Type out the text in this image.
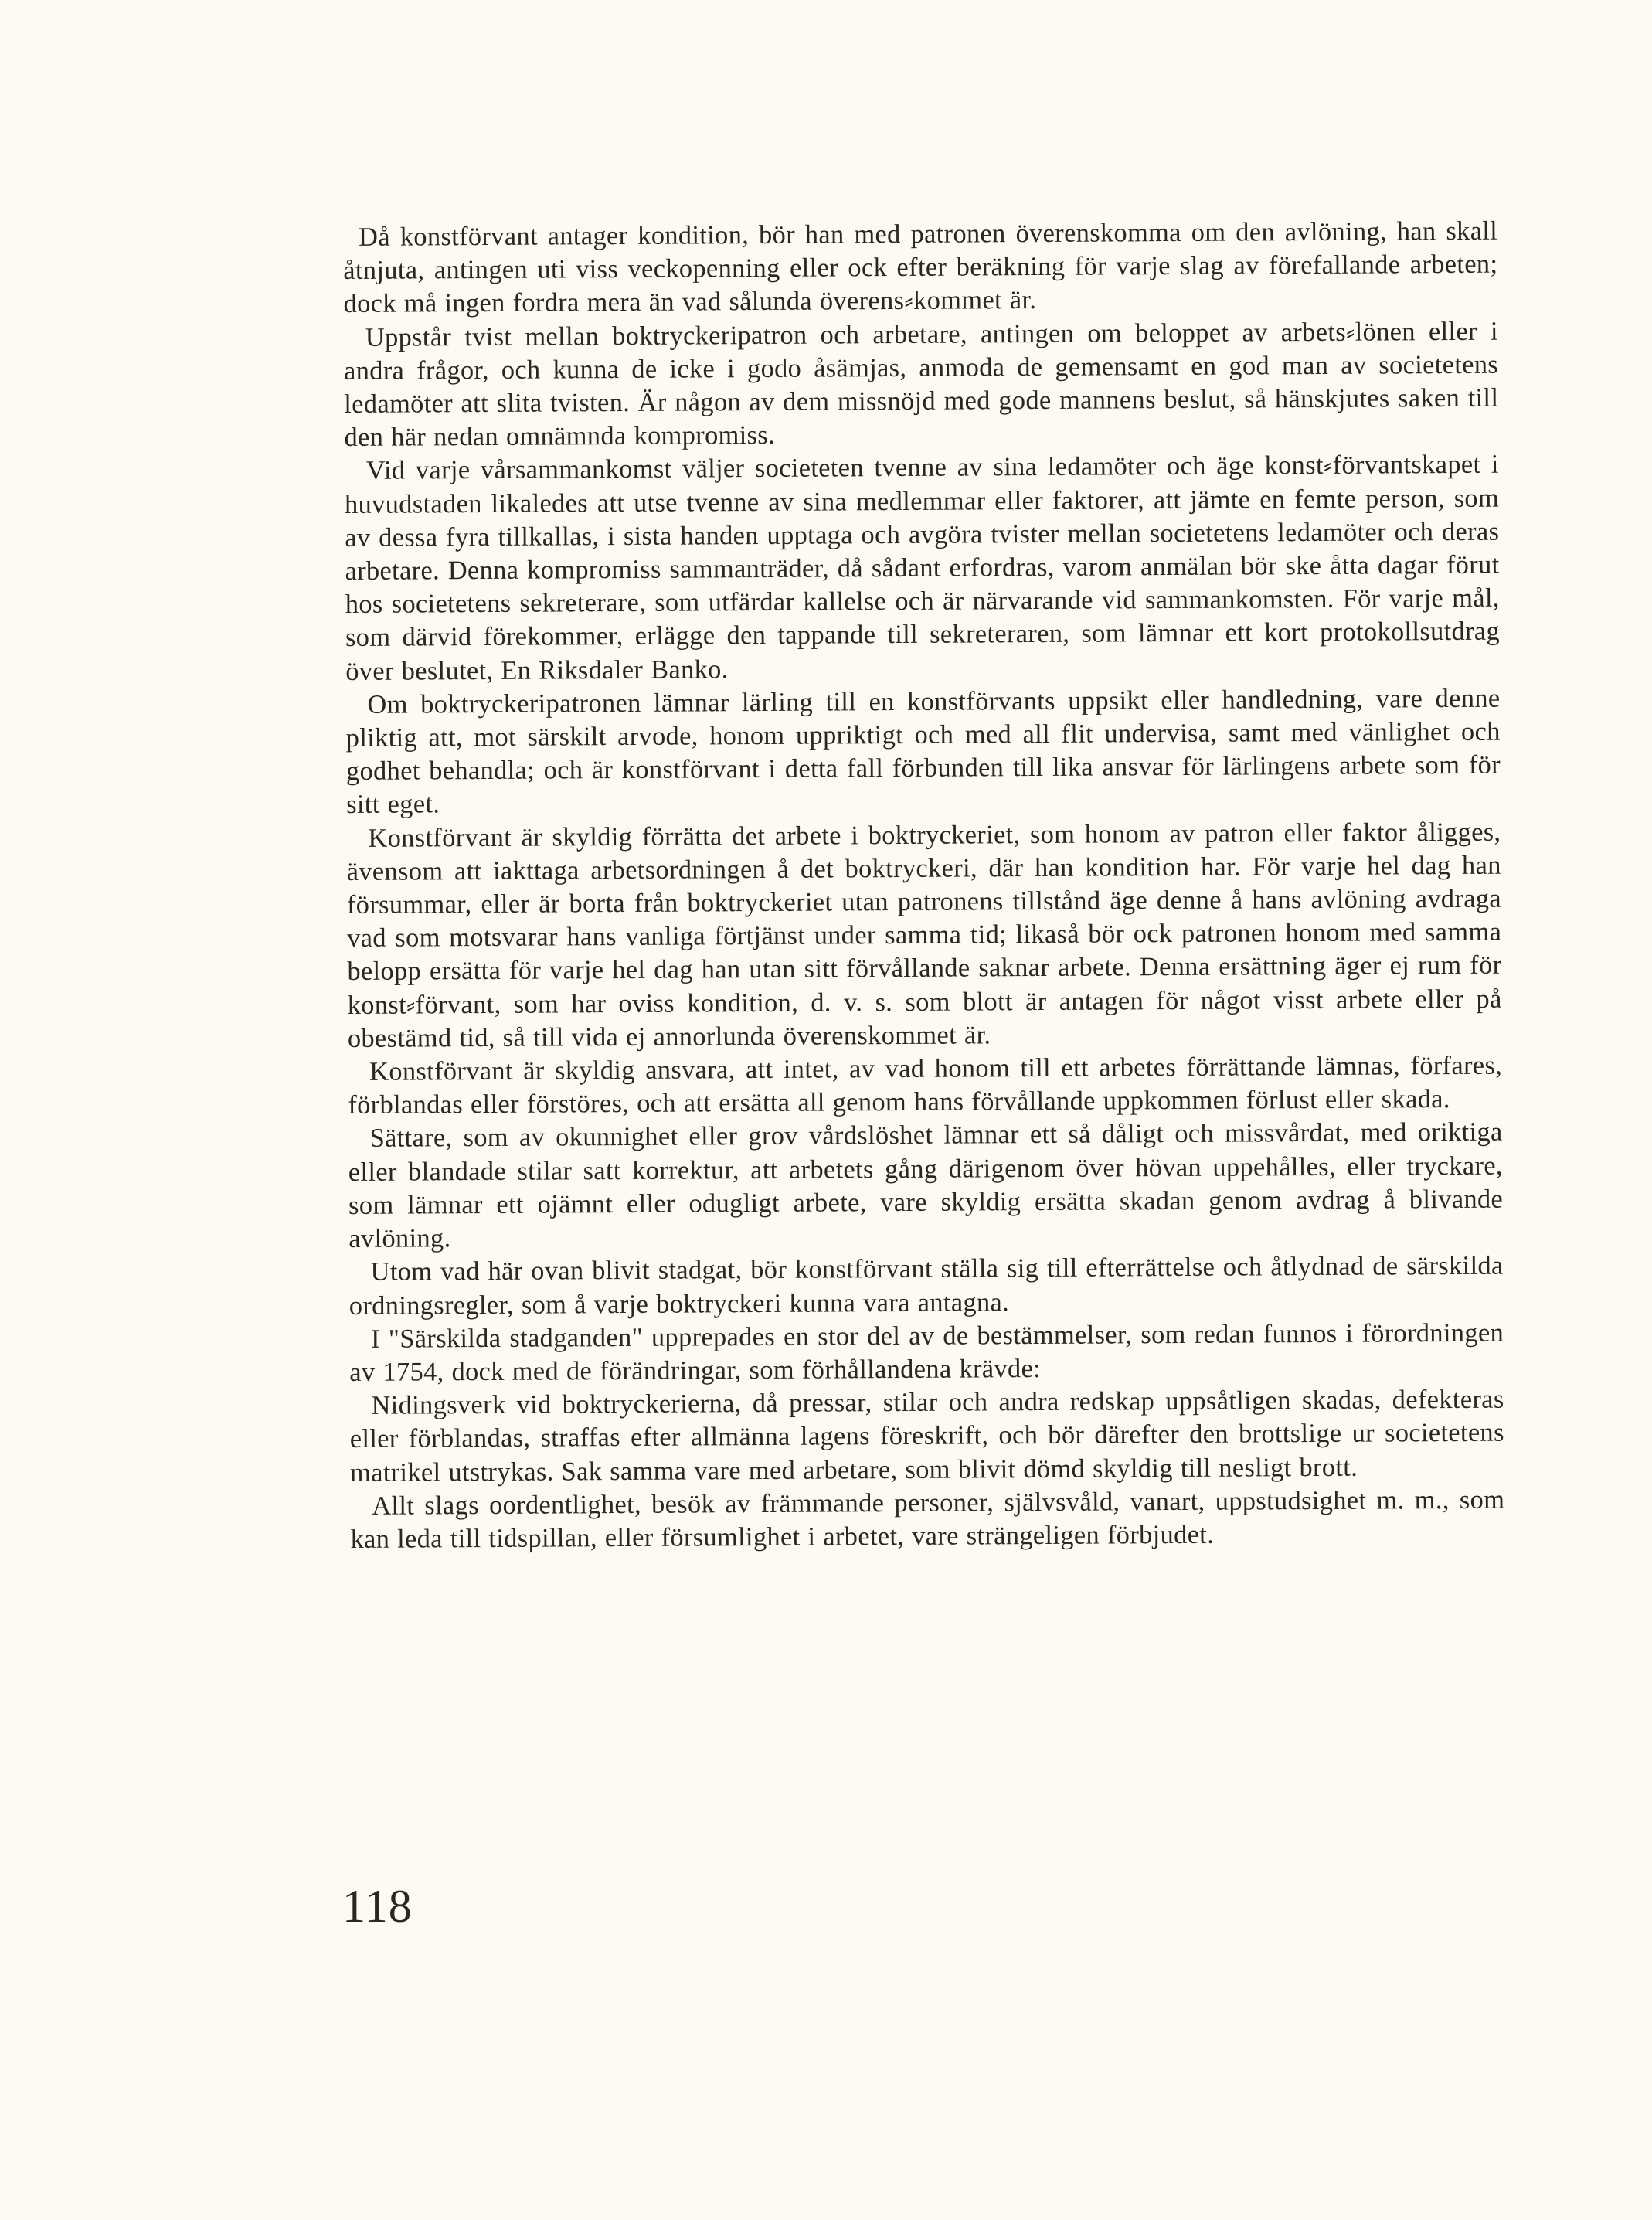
Då konstförvant antager kondition, bör han med patronen överenskomma om den avlöning, han skall åtnjuta, antingen uti viss veckopenning eller ock efter beräkning för varje slag av förefallande arbeten; dock må ingen fordra mera än vad sålunda överens⸗kommet är.

Uppstår tvist mellan boktryckeripatron och arbetare, antingen om beloppet av arbets⸗lönen eller i andra frågor, och kunna de icke i godo åsämjas, anmoda de gemensamt en god man av societetens ledamöter att slita tvisten. Är någon av dem missnöjd med gode mannens beslut, så hänskjutes saken till den här nedan omnämnda kompromiss.

Vid varje vårsammankomst väljer societeten tvenne av sina ledamöter och äge konst⸗förvantskapet i huvudstaden likaledes att utse tvenne av sina medlemmar eller faktorer, att jämte en femte person, som av dessa fyra tillkallas, i sista handen upptaga och avgöra tvister mellan societetens ledamöter och deras arbetare. Denna kompromiss sammanträder, då sådant erfordras, varom anmälan bör ske åtta dagar förut hos societetens sekreterare, som utfärdar kallelse och är närvarande vid sammankomsten. För varje mål, som därvid förekommer, erlägge den tappande till sekreteraren, som lämnar ett kort protokollsutdrag över beslutet, En Riksdaler Banko.

Om boktryckeripatronen lämnar lärling till en konstförvants uppsikt eller handledning, vare denne pliktig att, mot särskilt arvode, honom uppriktigt och med all flit undervisa, samt med vänlighet och godhet behandla; och är konstförvant i detta fall förbunden till lika ansvar för lärlingens arbete som för sitt eget.

Konstförvant är skyldig förrätta det arbete i boktryckeriet, som honom av patron eller faktor åligges, ävensom att iakttaga arbetsordningen å det boktryckeri, där han kondition har. För varje hel dag han försummar, eller är borta från boktryckeriet utan patronens tillstånd äge denne å hans avlöning avdraga vad som motsvarar hans vanliga förtjänst under samma tid; likaså bör ock patronen honom med samma belopp ersätta för varje hel dag han utan sitt förvållande saknar arbete. Denna ersättning äger ej rum för konst⸗förvant, som har oviss kondition, d. v. s. som blott är antagen för något visst arbete eller på obestämd tid, så till vida ej annorlunda överenskommet är.

Konstförvant är skyldig ansvara, att intet, av vad honom till ett arbetes förrättande lämnas, förfares, förblandas eller förstöres, och att ersätta all genom hans förvållande uppkommen förlust eller skada.

Sättare, som av okunnighet eller grov vårdslöshet lämnar ett så dåligt och missvårdat, med oriktiga eller blandade stilar satt korrektur, att arbetets gång därigenom över hövan uppehålles, eller tryckare, som lämnar ett ojämnt eller odugligt arbete, vare skyldig ersätta skadan genom avdrag å blivande avlöning.

Utom vad här ovan blivit stadgat, bör konstförvant ställa sig till efterrättelse och åtlydnad de särskilda ordningsregler, som å varje boktryckeri kunna vara antagna.

I "Särskilda stadganden" upprepades en stor del av de bestämmelser, som redan funnos i förordningen av 1754, dock med de förändringar, som förhållandena krävde:

Nidingsverk vid boktryckerierna, då pressar, stilar och andra redskap uppsåtligen skadas, defekteras eller förblandas, straffas efter allmänna lagens föreskrift, och bör därefter den brottslige ur societetens matrikel utstrykas. Sak samma vare med arbetare, som blivit dömd skyldig till nesligt brott.

Allt slags oordentlighet, besök av främmande personer, självsvåld, vanart, uppstudsighet m. m., som kan leda till tidspillan, eller försumlighet i arbetet, vare strängeligen förbjudet.

118
